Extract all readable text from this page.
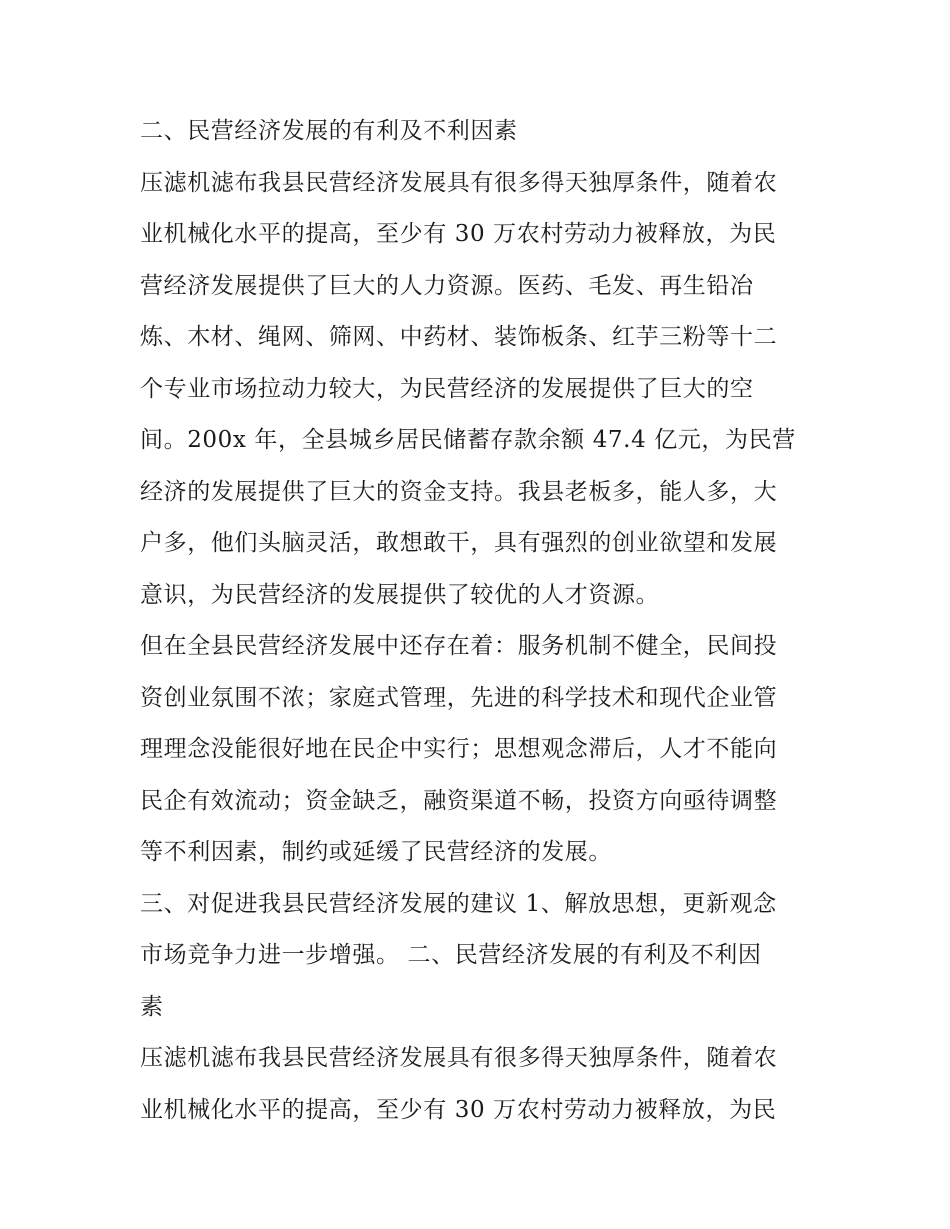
二、民营经济发展的有利及不利因素

压滤机滤布我县民营经济发展具有很多得天独厚条件，随着农

业机械化水平的提高，至少有 30 万农村劳动力被释放，为民

营经济发展提供了巨大的人力资源。医药、毛发、再生铅冶

炼、木材、绳网、筛网、中药材、装饰板条、红芋三粉等十二

个专业市场拉动力较大，为民营经济的发展提供了巨大的空

间。200x 年，全县城乡居民储蓄存款余额 47.4 亿元，为民营

经济的发展提供了巨大的资金支持。我县老板多，能人多，大

户多，他们头脑灵活，敢想敢干，具有强烈的创业欲望和发展

意识，为民营经济的发展提供了较优的人才资源。

但在全县民营经济发展中还存在着：服务机制不健全，民间投

资创业氛围不浓；家庭式管理，先进的科学技术和现代企业管

理理念没能很好地在民企中实行；思想观念滞后，人才不能向

民企有效流动；资金缺乏，融资渠道不畅，投资方向亟待调整

等不利因素，制约或延缓了民营经济的发展。

三、对促进我县民营经济发展的建议 1、解放思想，更新观念

市场竞争力进一步增强。 二、民营经济发展的有利及不利因

素

压滤机滤布我县民营经济发展具有很多得天独厚条件，随着农

业机械化水平的提高，至少有 30 万农村劳动力被释放，为民
